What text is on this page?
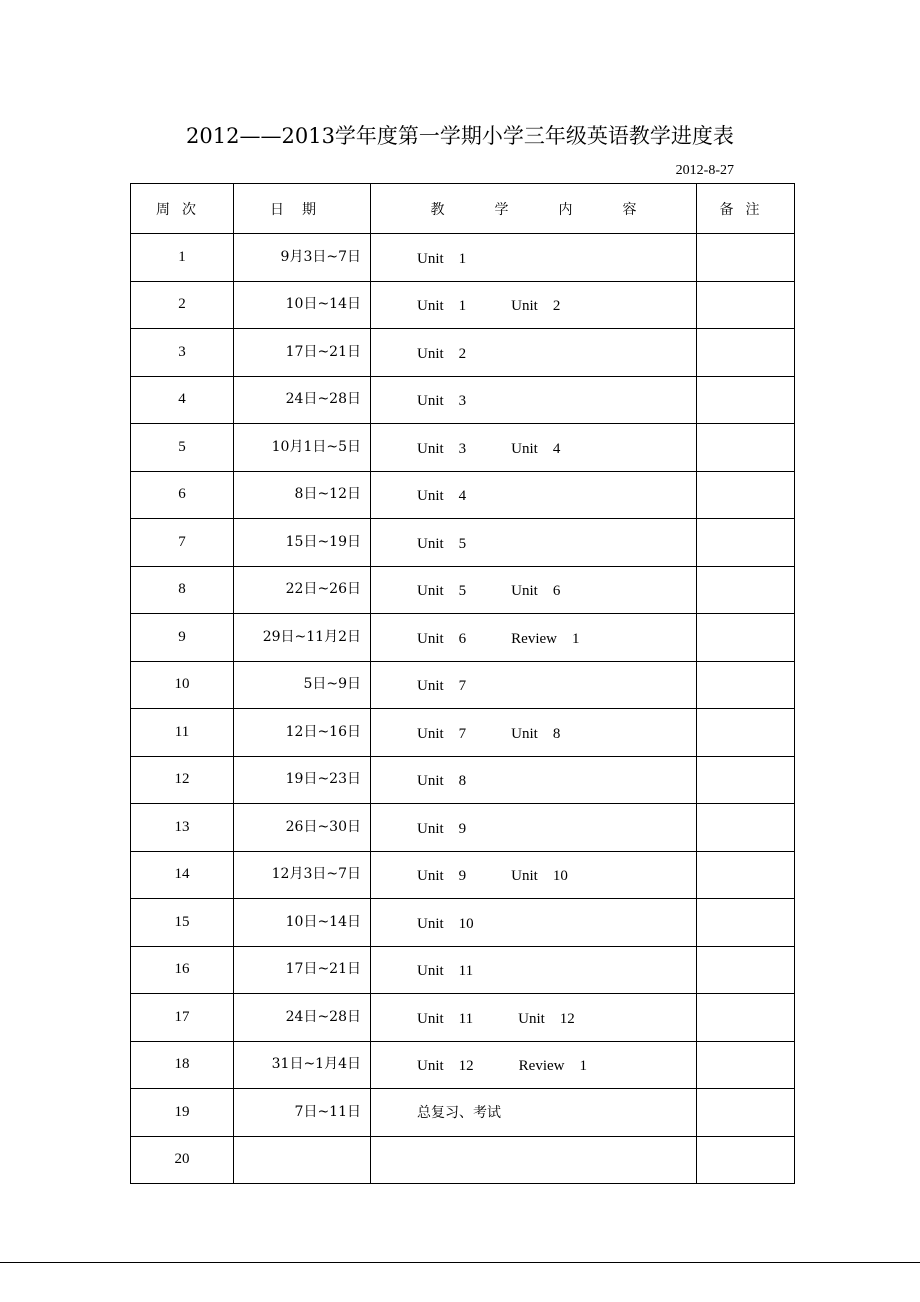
2012——2013学年度第一学期小学三年级英语教学进度表
2012-8-27
周次	日期	教学内容	备注
1	9月3日~7日	Unit　1	
2	10日~14日	Unit　1 Unit　2	
3	17日~21日	Unit　2	
4	24日~28日	Unit　3	
5	10月1日~5日	Unit　3 Unit　4	
6	8日~12日	Unit　4	
7	15日~19日	Unit　5	
8	22日~26日	Unit　5 Unit　6	
9	29日~11月2日	Unit　6 Review　1	
10	5日~9日	Unit　7	
11	12日~16日	Unit　7 Unit　8	
12	19日~23日	Unit　8	
13	26日~30日	Unit　9	
14	12月3日~7日	Unit　9 Unit　10	
15	10日~14日	Unit　10	
16	17日~21日	Unit　11	
17	24日~28日	Unit　11 Unit　12	
18	31日~1月4日	Unit　12 Review　1	
19	7日~11日	总复习、考试	
20			
